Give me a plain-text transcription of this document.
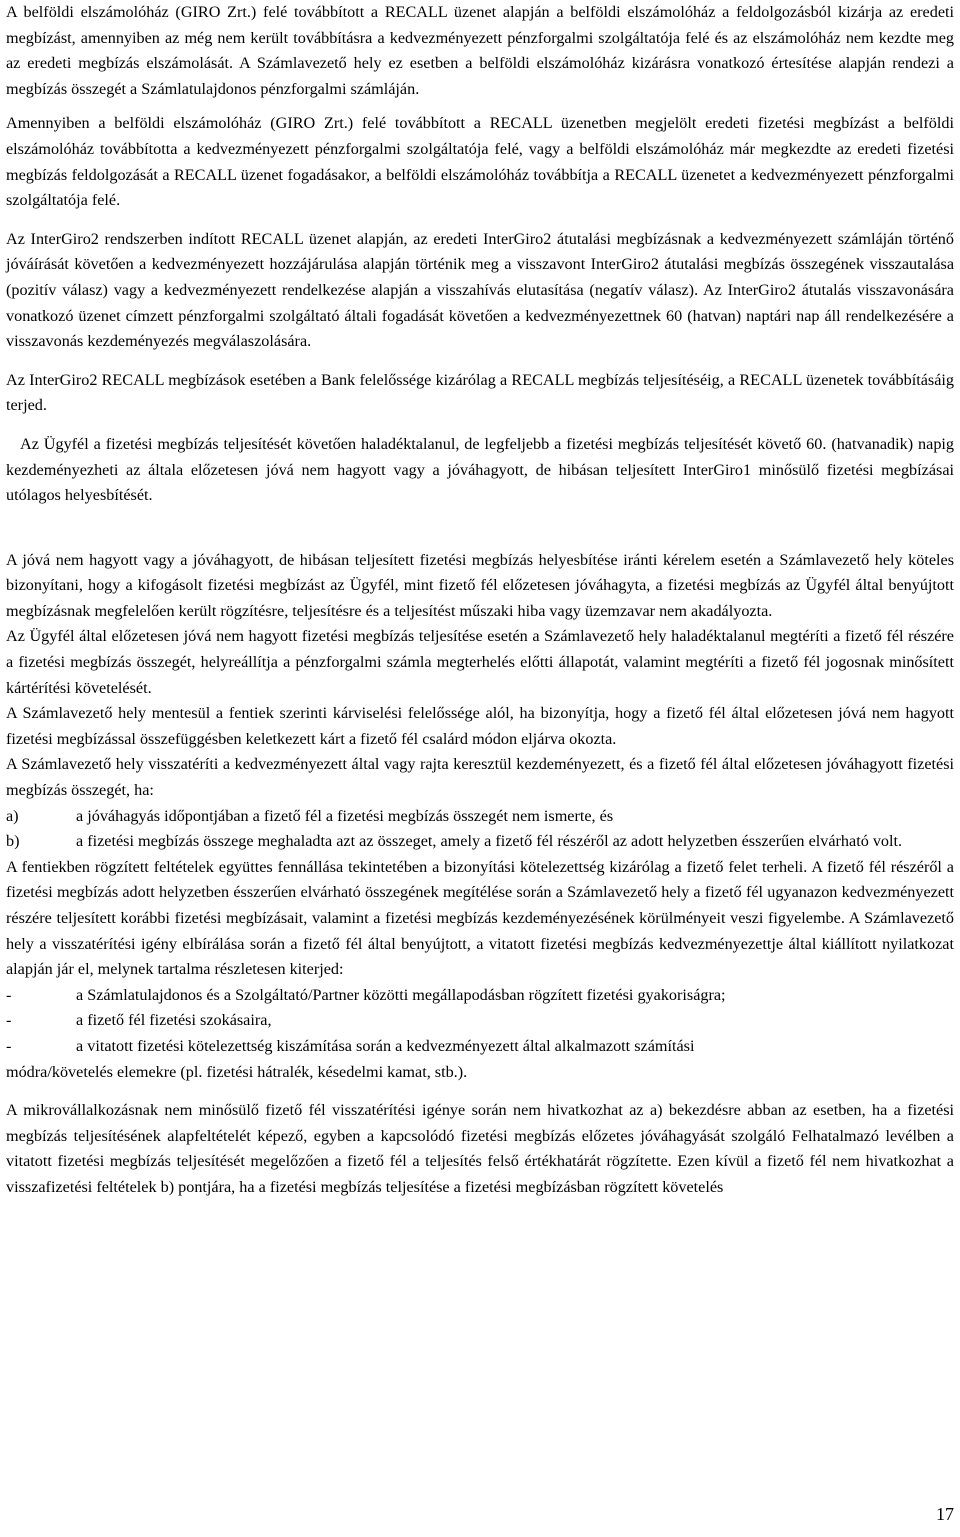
A belföldi elszámolóház (GIRO Zrt.) felé továbbított a RECALL üzenet alapján a belföldi elszámolóház a feldolgozásból kizárja az eredeti megbízást, amennyiben az még nem került továbbításra a kedvezményezett pénzforgalmi szolgáltatója felé és az elszámolóház nem kezdte meg az eredeti megbízás elszámolását. A Számlavezető hely ez esetben a belföldi elszámolóház kizárásra vonatkozó értesítése alapján rendezi a megbízás összegét a Számlatulajdonos pénzforgalmi számláján.

Amennyiben a belföldi elszámolóház (GIRO Zrt.) felé továbbított a RECALL üzenetben megjelölt eredeti fizetési megbízást a belföldi elszámolóház továbbította a kedvezményezett pénzforgalmi szolgáltatója felé, vagy a belföldi elszámolóház már megkezdte az eredeti fizetési megbízás feldolgozását a RECALL üzenet fogadásakor, a belföldi elszámolóház továbbítja a RECALL üzenetet a kedvezményezett pénzforgalmi szolgáltatója felé.

Az InterGiro2 rendszerben indított RECALL üzenet alapján, az eredeti InterGiro2 átutalási megbízásnak a kedvezményezett számláján történő jóváírását követően a kedvezményezett hozzájárulása alapján történik meg a visszavont InterGiro2 átutalási megbízás összegének visszautalása (pozitív válasz) vagy a kedvezményezett rendelkezése alapján a visszahívás elutasítása (negatív válasz). Az InterGiro2 átutalás visszavonására vonatkozó üzenet címzett pénzforgalmi szolgáltató általi fogadását követően a kedvezményezettnek 60 (hatvan) naptári nap áll rendelkezésére a visszavonás kezdeményezés megválaszolására.

Az InterGiro2 RECALL megbízások esetében a Bank felelőssége kizárólag a RECALL megbízás teljesítéséig, a RECALL üzenetek továbbításáig terjed.

Az Ügyfél a fizetési megbízás teljesítését követően haladéktalanul, de legfeljebb a fizetési megbízás teljesítését követő 60. (hatvanadik) napig kezdeményezheti az általa előzetesen jóvá nem hagyott vagy a jóváhagyott, de hibásan teljesített InterGiro1 minősülő fizetési megbízásai utólagos helyesbítését.

A jóvá nem hagyott vagy a jóváhagyott, de hibásan teljesített fizetési megbízás helyesbítése iránti kérelem esetén a Számlavezető hely köteles bizonyítani, hogy a kifogásolt fizetési megbízást az Ügyfél, mint fizető fél előzetesen jóváhagyta, a fizetési megbízás az Ügyfél által benyújtott megbízásnak megfelelően került rögzítésre, teljesítésre és a teljesítést műszaki hiba vagy üzemzavar nem akadályozta.

Az Ügyfél által előzetesen jóvá nem hagyott fizetési megbízás teljesítése esetén a Számlavezető hely haladéktalanul megtéríti a fizető fél részére a fizetési megbízás összegét, helyreállítja a pénzforgalmi számla megterhelés előtti állapotát, valamint megtéríti a fizető fél jogosnak minősített kártérítési követelését.

A Számlavezető hely mentesül a fentiek szerinti kárviselési felelőssége alól, ha bizonyítja, hogy a fizető fél által előzetesen jóvá nem hagyott fizetési megbízással összefüggésben keletkezett kárt a fizető fél csalárd módon eljárva okozta.

A Számlavezető hely visszatéríti a kedvezményezett által vagy rajta keresztül kezdeményezett, és a fizető fél által előzetesen jóváhagyott fizetési megbízás összegét, ha:

a)	a jóváhagyás időpontjában a fizető fél a fizetési megbízás összegét nem ismerte, és
b)	a fizetési megbízás összege meghaladta azt az összeget, amely a fizető fél részéről az adott helyzetben ésszerűen elvárható volt.

A fentiekben rögzített feltételek együttes fennállása tekintetében a bizonyítási kötelezettség kizárólag a fizető felet terheli. A fizető fél részéről a fizetési megbízás adott helyzetben ésszerűen elvárható összegének megítélése során a Számlavezető hely a fizető fél ugyanazon kedvezményezett részére teljesített korábbi fizetési megbízásait, valamint a fizetési megbízás kezdeményezésének körülményeit veszi figyelembe. A Számlavezető hely a visszatérítési igény elbírálása során a fizető fél által benyújtott, a vitatott fizetési megbízás kedvezményezettje által kiállított nyilatkozat alapján jár el, melynek tartalma részletesen kiterjed:

-	a Számlatulajdonos és a Szolgáltató/Partner közötti megállapodásban rögzített fizetési gyakoriságra;
-	a fizető fél fizetési szokásaira,
-	a vitatott fizetési kötelezettség kiszámítása során a kedvezményezett által alkalmazott számítási

módra/követelés elemekre (pl. fizetési hátralék, késedelmi kamat, stb.).

A mikrovállalkozásnak nem minősülő fizető fél visszatérítési igénye során nem hivatkozhat az a) bekezdésre abban az esetben, ha a fizetési megbízás teljesítésének alapfeltételét képező, egyben a kapcsolódó fizetési megbízás előzetes jóváhagyását szolgáló Felhatalmazó levélben a vitatott fizetési megbízás teljesítését megelőzően a fizető fél a teljesítés felső értékhatárát rögzítette. Ezen kívül a fizető fél nem hivatkozhat a visszafizetési feltételek b) pontjára, ha a fizetési megbízás teljesítése a fizetési megbízásban rögzített követelés

17
